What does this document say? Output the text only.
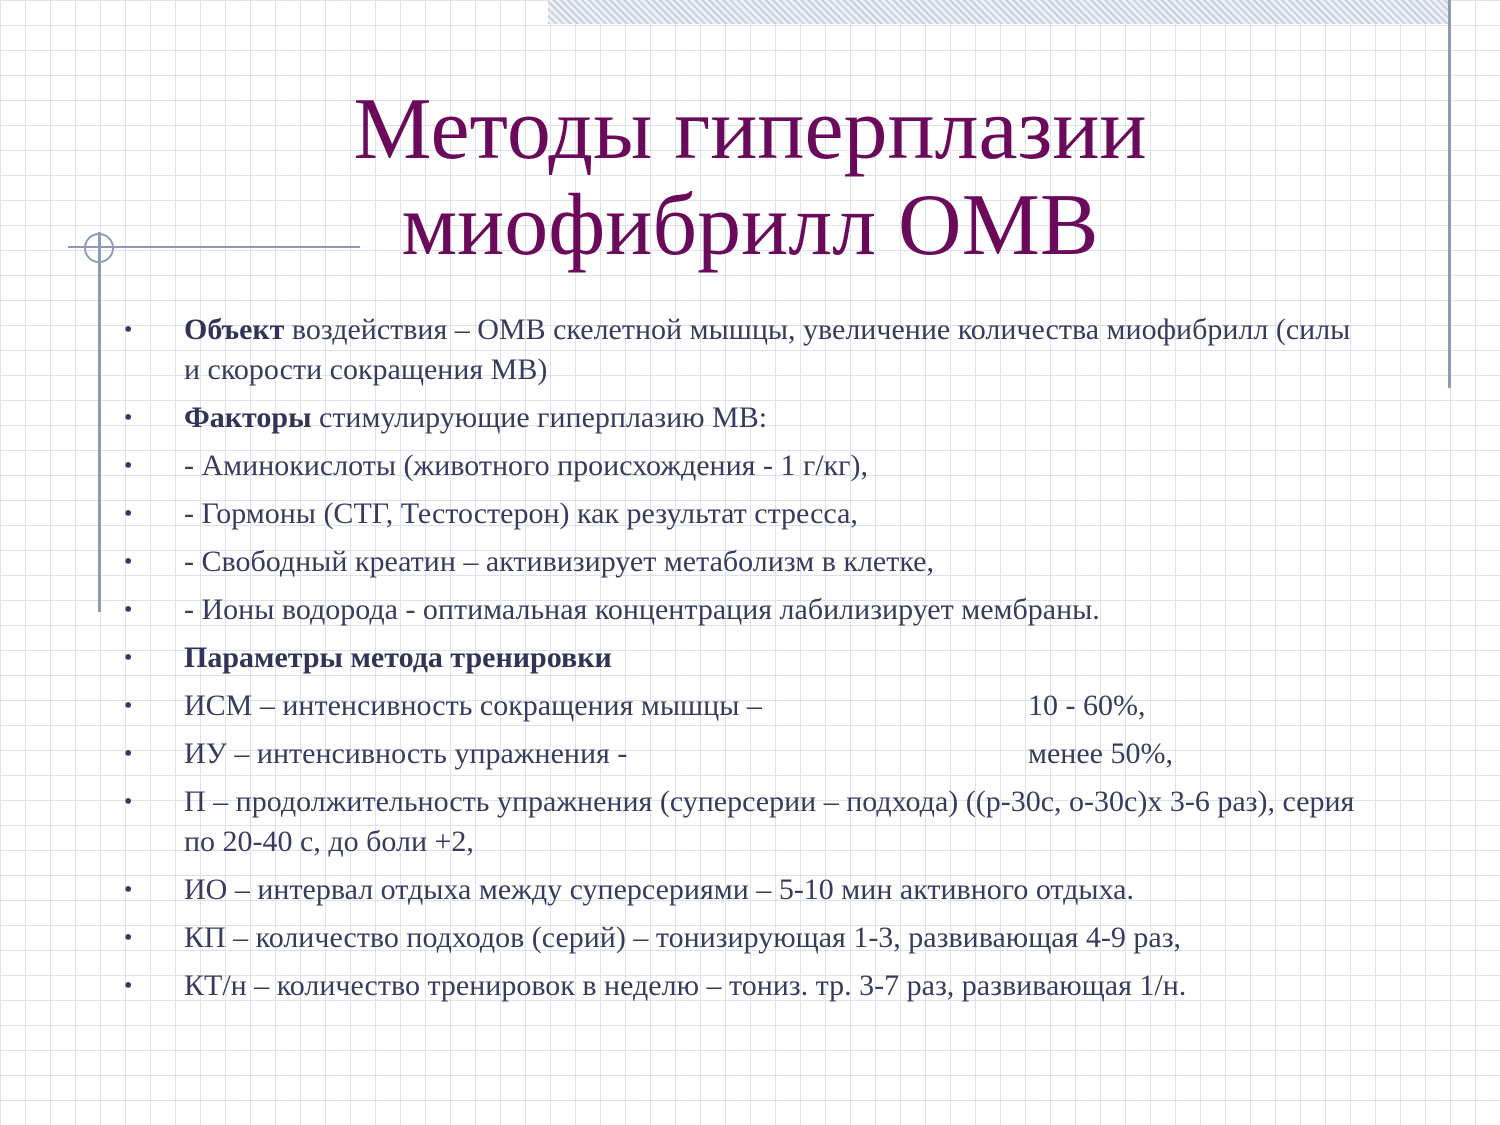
Методы гиперплазии
миофибрилл ОМВ
• Объект воздействия – ОМВ скелетной мышцы, увеличение количества миофибрилл (силы и скорости сокращения МВ)
• Факторы стимулирующие гиперплазию МВ:
• - Аминокислоты (животного происхождения - 1 г/кг),
• - Гормоны (СТГ, Тестостерон) как результат стресса,
• - Свободный креатин – активизирует метаболизм в клетке,
• - Ионы водорода - оптимальная концентрация лабилизирует мембраны.
• Параметры метода тренировки
• ИСМ – интенсивность сокращения мышцы –	10 - 60%,
• ИУ – интенсивность упражнения -	менее 50%,
• П – продолжительность упражнения (суперсерии – подхода) ((р-30с, о-30с)х 3-6 раз), серия по 20-40 с, до боли +2,
• ИО – интервал отдыха между суперсериями – 5-10 мин активного отдыха.
• КП – количество подходов (серий) – тонизирующая 1-3, развивающая 4-9 раз,
• КТ/н – количество тренировок в неделю – тониз. тр. 3-7 раз, развивающая 1/н.
